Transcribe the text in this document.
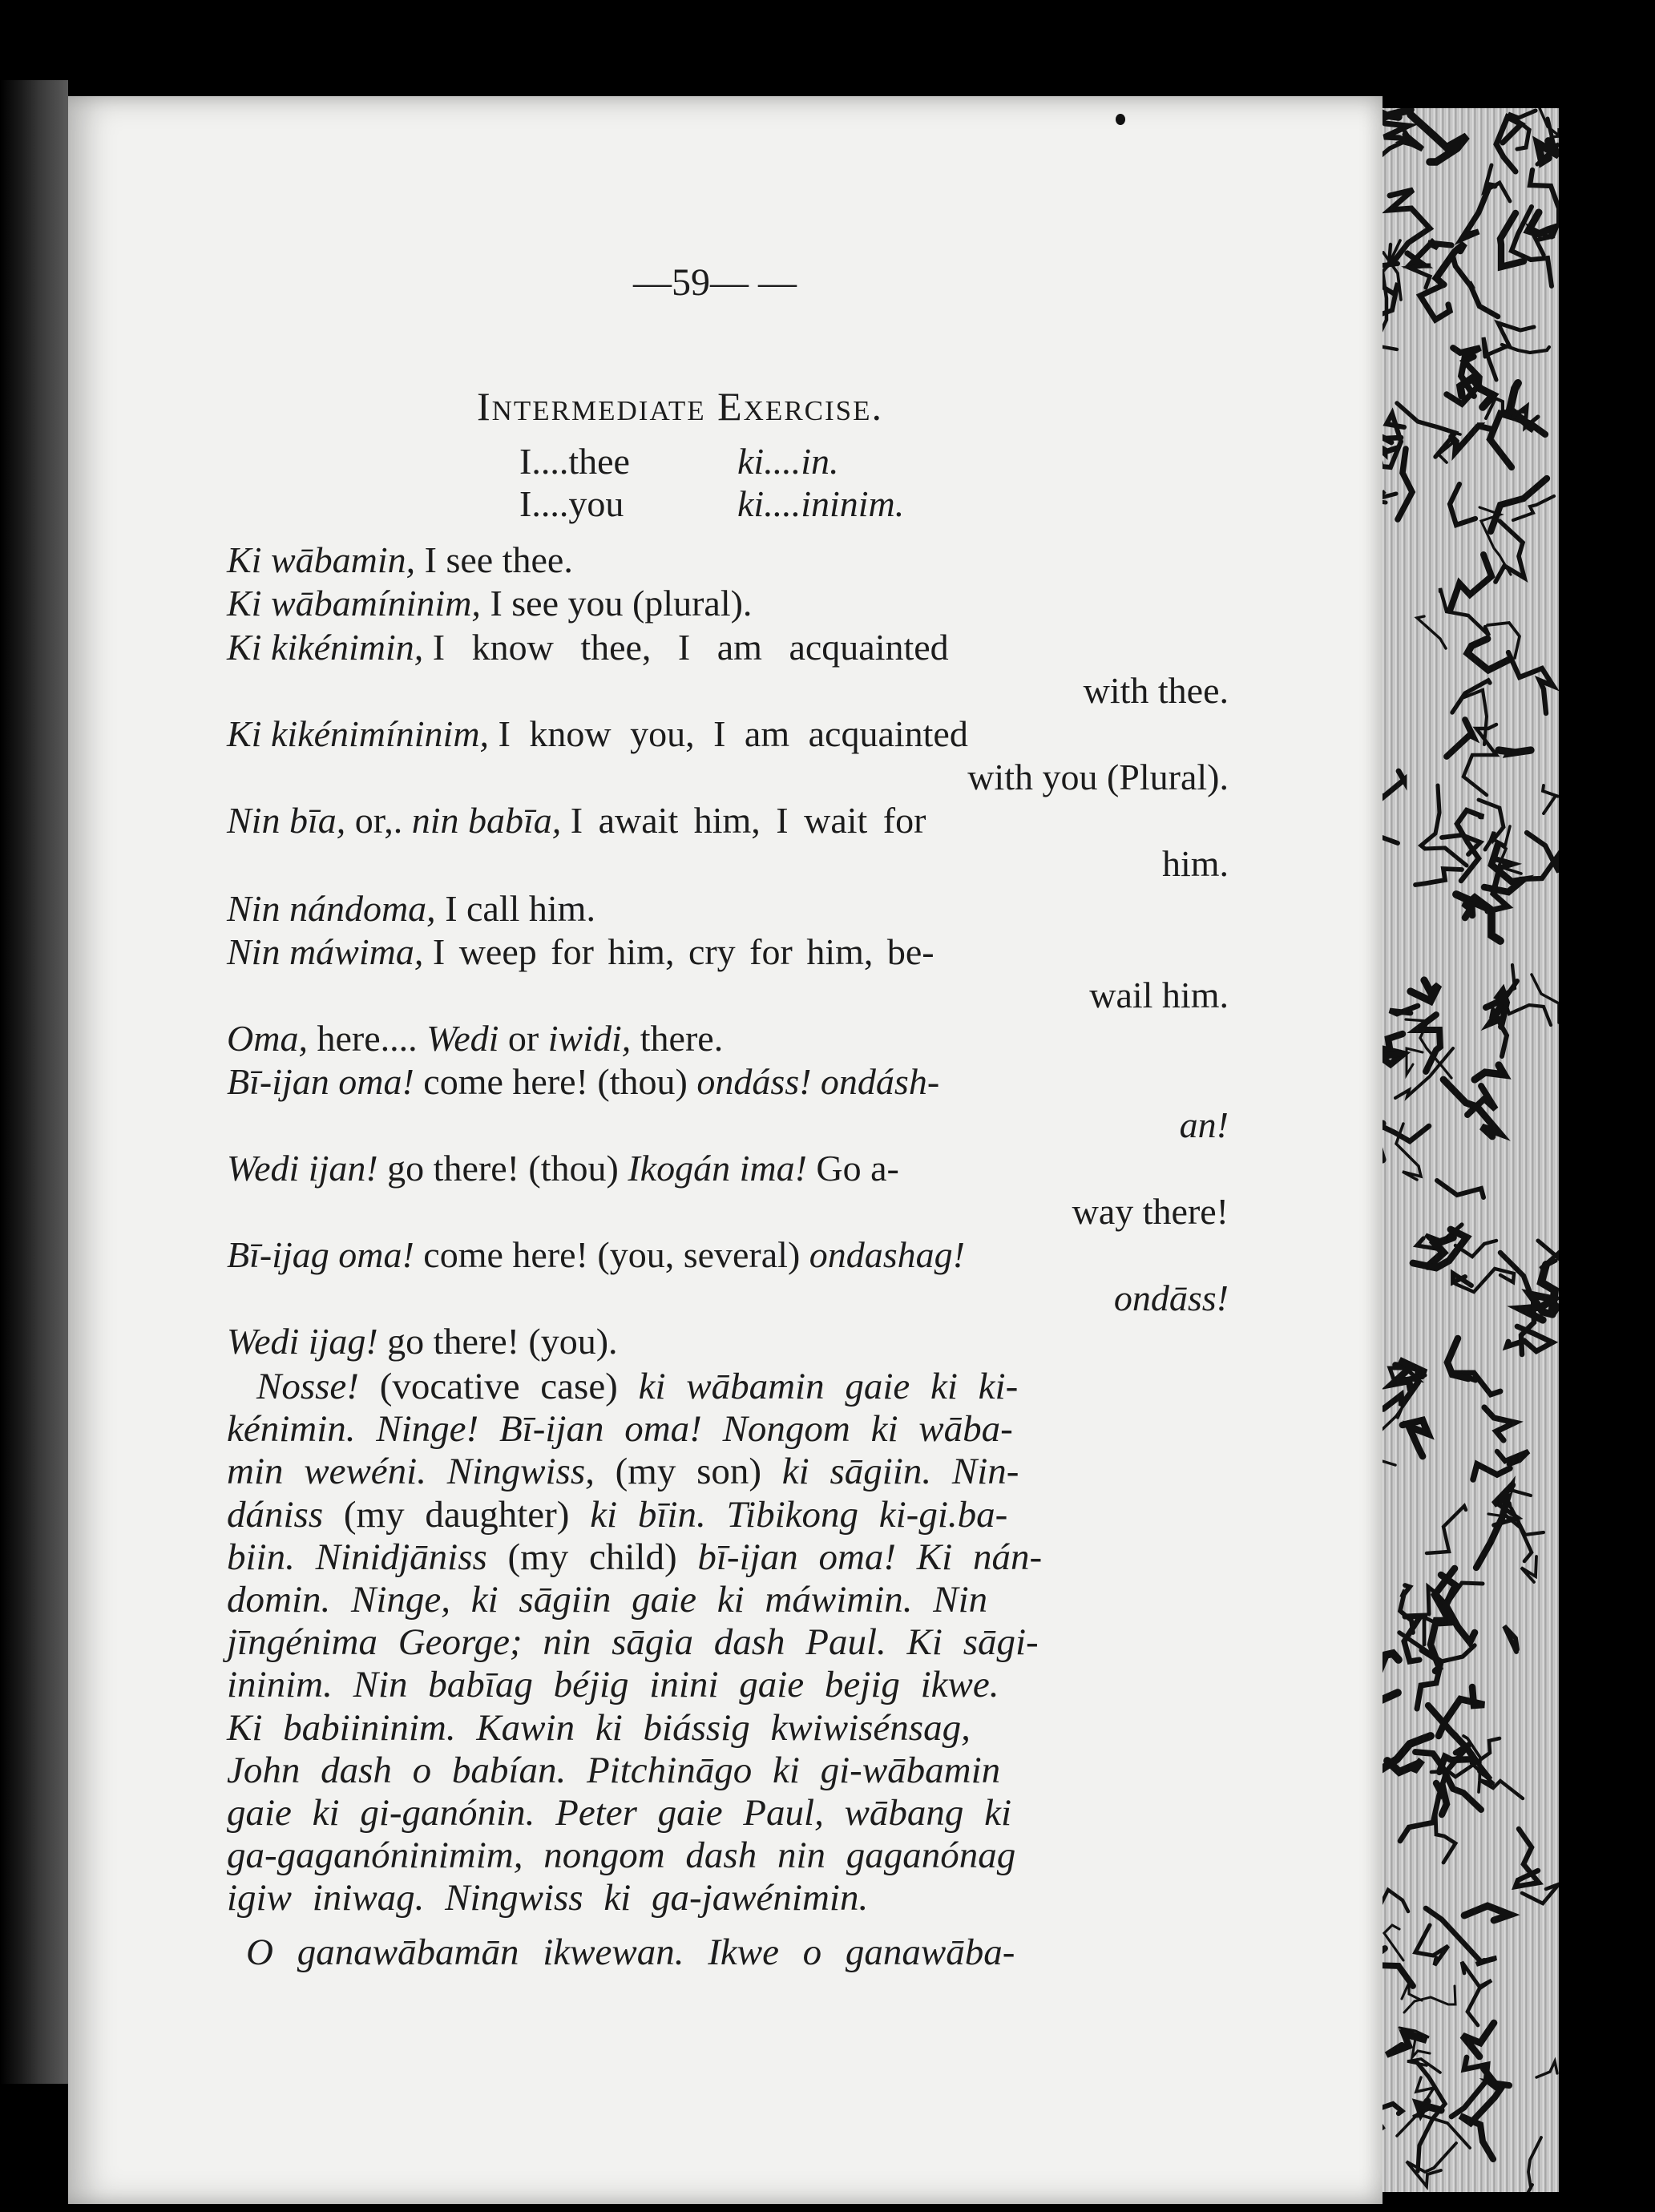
—59— —
Intermediate Exercise.
I....thee	ki....in.
I....you	ki....ininim.
Ki wābamin, I see thee.
Ki wābamíninim, I see you (plural).
Ki kikénimin, I know thee, I am acquainted
with thee.
Ki kikénimíninim, I know you, I am acquainted
with you (Plural).
Nin bīa, or,. nin babīa, I await him, I wait for
him.
Nin nándoma, I call him.
Nin máwima, I weep for him, cry for him, be-
wail him.
Oma, here.... Wedi or iwidi, there.
Bī-ijan oma! come here! (thou) ondáss! ondásh-
an!
Wedi ijan! go there! (thou) Ikogán ima! Go a-
way there!
Bī-ijag oma! come here! (you, several) ondashag!
ondāss!
Wedi ijag! go there! (you).
Nosse! (vocative case) ki wābamin gaie ki ki-
kénimin. Ninge! Bī-ijan oma! Nongom ki wāba-
min wewéni. Ningwiss, (my son) ki sāgiin. Nin-
dániss (my daughter) ki bīin. Tibikong ki-gi.ba-
biin. Ninidjāniss (my child) bī-ijan oma! Ki nán-
domin. Ninge, ki sāgiin gaie ki máwimin. Nin
jīngénima George; nin sāgia dash Paul. Ki sāgi-
ininim. Nin babīag béjig inini gaie bejig ikwe.
Ki babiininim. Kawin ki biássig kwiwisénsag,
John dash o babían. Pitchināgo ki gi-wābamin
gaie ki gi-ganónin. Peter gaie Paul, wābang ki
ga-gaganóninimim, nongom dash nin gaganónag
igiw iniwag. Ningwiss ki ga-jawénimin.
O ganawābamān ikwewan. Ikwe o ganawāba-
